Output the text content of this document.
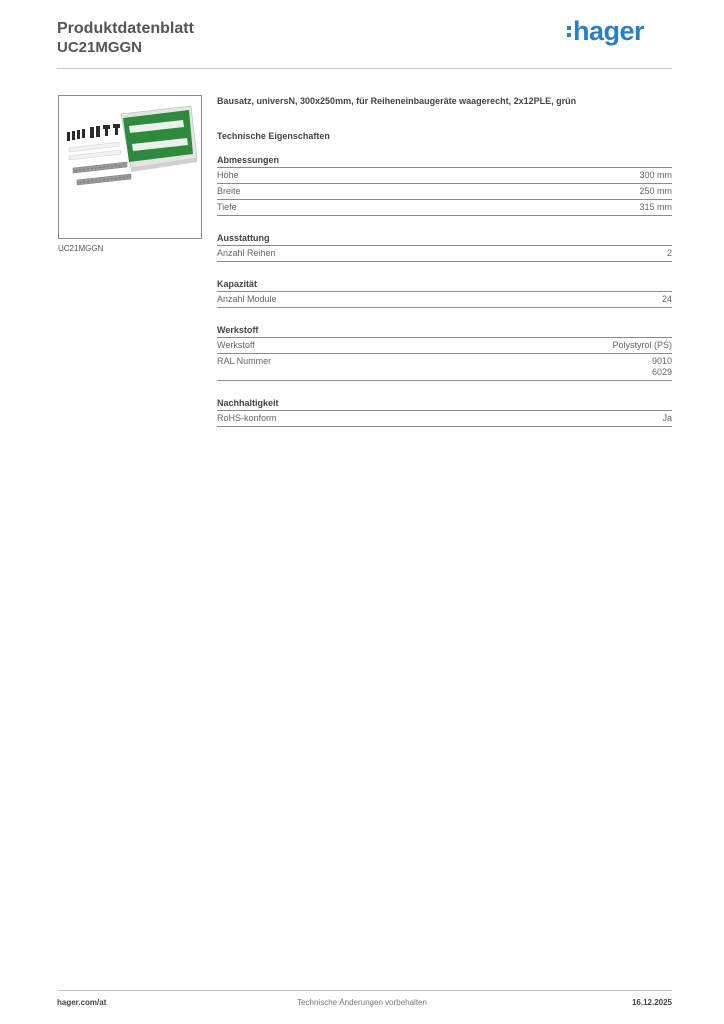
Produktdatenblatt
UC21MGGN
hager
UC21MGGN

Bausatz, universN, 300x250mm, für Reiheneinbaugeräte waagerecht, 2x12PLE, grün

Technische Eigenschaften

Abmessungen
Höhe	300 mm
Breite	250 mm
Tiefe	315 mm
Ausstattung
Anzahl Reihen	2
Kapazität
Anzahl Module	24
Werkstoff
Werkstoff	Polystyrol (PS)
RAL Nummer	9010
6029
Nachhaltigkeit
RoHS-konform	Ja
hager.com/at	Technische Änderungen vorbehalten	16.12.2025
